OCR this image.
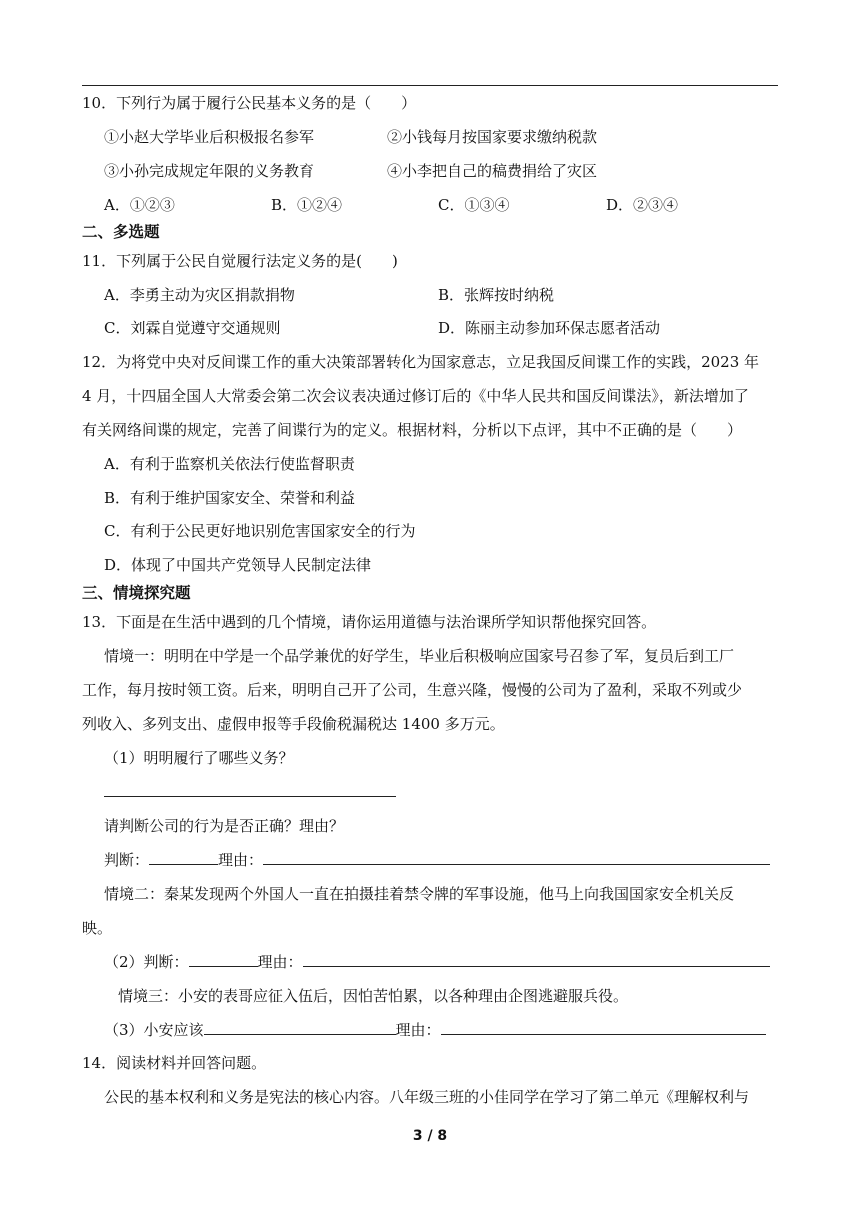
10．下列行为属于履行公民基本义务的是（　　）
①小赵大学毕业后积极报名参军	②小钱每月按国家要求缴纳税款
③小孙完成规定年限的义务教育	④小李把自己的稿费捐给了灾区
A．①②③	B．①②④	C．①③④	D．②③④
二、多选题
11．下列属于公民自觉履行法定义务的是(　　)
A．李勇主动为灾区捐款捐物	B．张辉按时纳税
C．刘霖自觉遵守交通规则	D．陈丽主动参加环保志愿者活动
12．为将党中央对反间谍工作的重大决策部署转化为国家意志，立足我国反间谍工作的实践，2023 年
4 月，十四届全国人大常委会第二次会议表决通过修订后的《中华人民共和国反间谍法》，新法增加了
有关网络间谍的规定，完善了间谍行为的定义。根据材料，分析以下点评，其中不正确的是（　　）
A．有利于监察机关依法行使监督职责
B．有利于维护国家安全、荣誉和利益
C．有利于公民更好地识别危害国家安全的行为
D．体现了中国共产党领导人民制定法律
三、情境探究题
13．下面是在生活中遇到的几个情境，请你运用道德与法治课所学知识帮他探究回答。
情境一：明明在中学是一个品学兼优的好学生，毕业后积极响应国家号召参了军，复员后到工厂
工作，每月按时领工资。后来，明明自己开了公司，生意兴隆，慢慢的公司为了盈利，采取不列或少
列收入、多列支出、虚假申报等手段偷税漏税达 1400 多万元。
（1）明明履行了哪些义务？
请判断公司的行为是否正确？理由？
判断：	理由：
情境二：秦某发现两个外国人一直在拍摄挂着禁令牌的军事设施，他马上向我国国家安全机关反
映。
（2）判断：	理由：
情境三：小安的表哥应征入伍后，因怕苦怕累，以各种理由企图逃避服兵役。
（3）小安应该	理由：
14．阅读材料并回答问题。
公民的基本权利和义务是宪法的核心内容。八年级三班的小佳同学在学习了第二单元《理解权利与
3 / 8
